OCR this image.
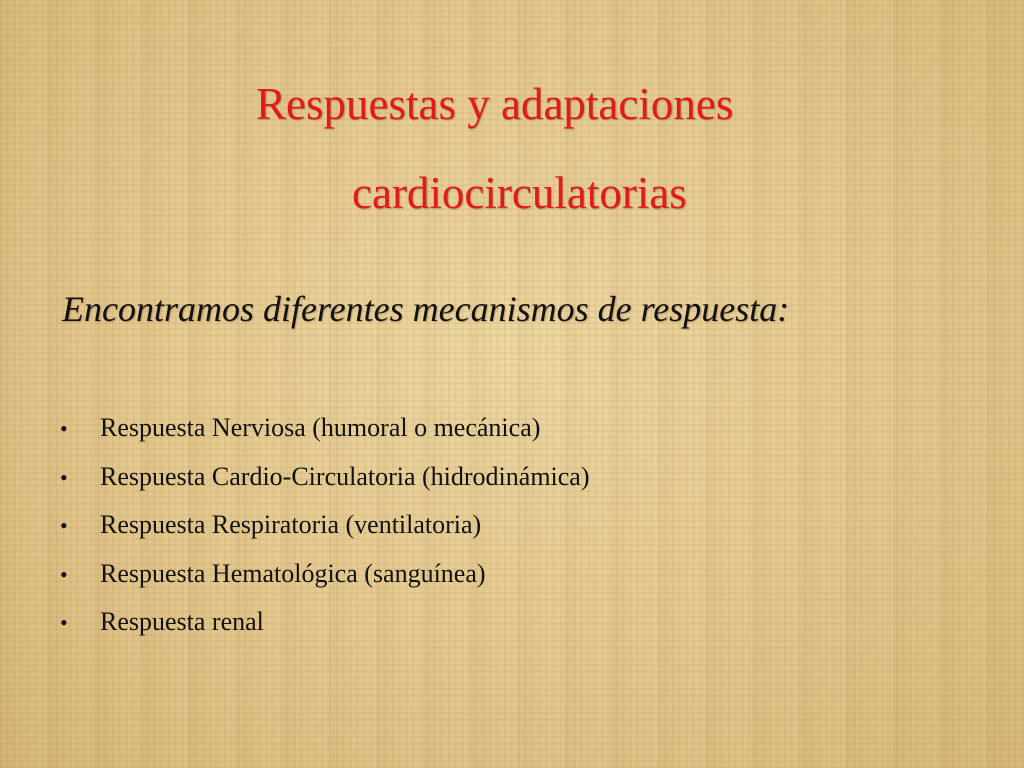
Respuestas y adaptaciones
cardiocirculatorias
Encontramos diferentes mecanismos de respuesta:
•	Respuesta Nerviosa (humoral o mecánica)
•	Respuesta Cardio-Circulatoria (hidrodinámica)
•	Respuesta Respiratoria (ventilatoria)
•	Respuesta Hematológica (sanguínea)
•	Respuesta renal
